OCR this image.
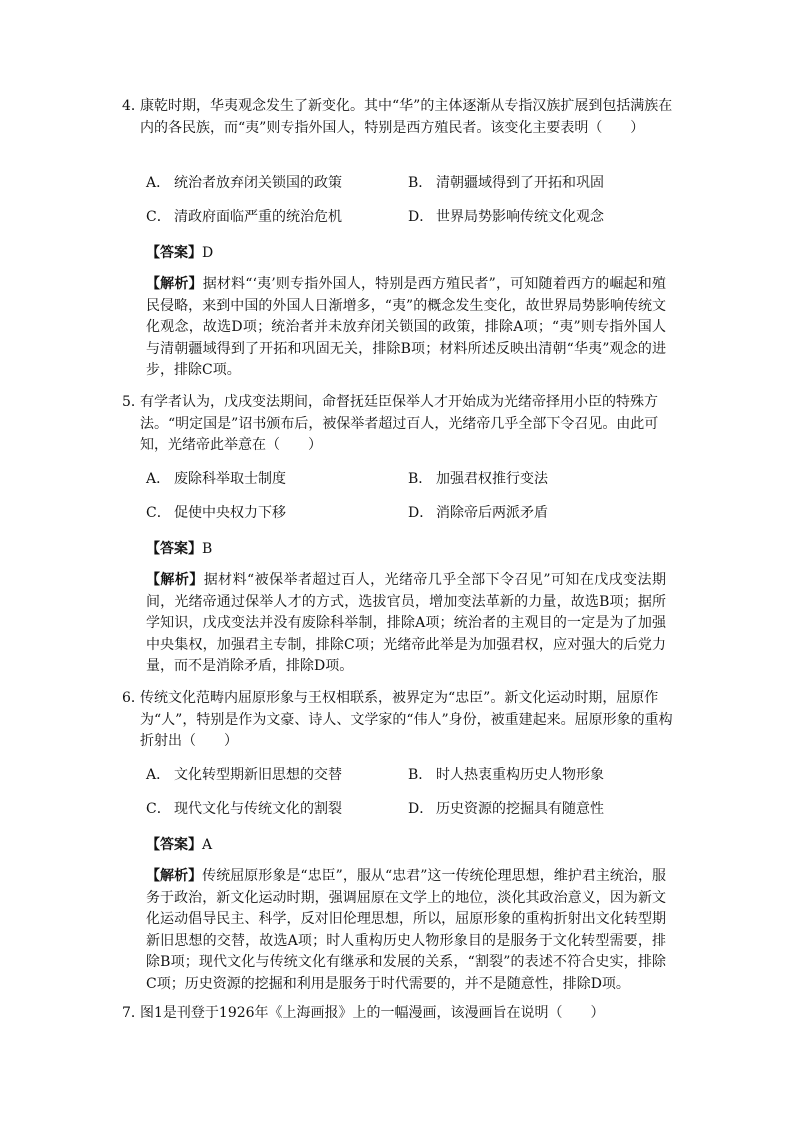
4．康乾时期，华夷观念发生了新变化。其中“华”的主体逐渐从专指汉族扩展到包括满族在内的各民族，而“夷”则专指外国人，特别是西方殖民者。该变化主要表明（　　）
A． 统治者放弃闭关锁国的政策	B． 清朝疆域得到了开拓和巩固
C． 清政府面临严重的统治危机	D． 世界局势影响传统文化观念
【答案】D
【解析】据材料“‘夷’则专指外国人，特别是西方殖民者”，可知随着西方的崛起和殖民侵略，来到中国的外国人日渐增多，“夷”的概念发生变化，故世界局势影响传统文化观念，故选D项；统治者并未放弃闭关锁国的政策，排除A项；“夷”则专指外国人与清朝疆域得到了开拓和巩固无关，排除B项；材料所述反映出清朝“华夷”观念的进步，排除C项。
5．有学者认为，戊戌变法期间，命督抚廷臣保举人才开始成为光绪帝择用小臣的特殊方法。“明定国是”诏书颁布后，被保举者超过百人，光绪帝几乎全部下令召见。由此可知，光绪帝此举意在（　　）
A． 废除科举取士制度	B． 加强君权推行变法
C． 促使中央权力下移	D． 消除帝后两派矛盾
【答案】B
【解析】据材料“被保举者超过百人，光绪帝几乎全部下令召见”可知在戊戌变法期间，光绪帝通过保举人才的方式，选拔官员，增加变法革新的力量，故选B项；据所学知识，戊戌变法并没有废除科举制，排除A项；统治者的主观目的一定是为了加强中央集权，加强君主专制，排除C项；光绪帝此举是为加强君权，应对强大的后党力量，而不是消除矛盾，排除D项。
6．传统文化范畴内屈原形象与王权相联系，被界定为“忠臣”。新文化运动时期，屈原作为“人”，特别是作为文豪、诗人、文学家的“伟人”身份，被重建起来。屈原形象的重构折射出（　　）
A． 文化转型期新旧思想的交替	B． 时人热衷重构历史人物形象
C． 现代文化与传统文化的割裂	D． 历史资源的挖掘具有随意性
【答案】A
【解析】传统屈原形象是“忠臣”，服从“忠君”这一传统伦理思想，维护君主统治，服务于政治，新文化运动时期，强调屈原在文学上的地位，淡化其政治意义，因为新文化运动倡导民主、科学，反对旧伦理思想，所以，屈原形象的重构折射出文化转型期新旧思想的交替，故选A项；时人重构历史人物形象目的是服务于文化转型需要，排除B项；现代文化与传统文化有继承和发展的关系，“割裂”的表述不符合史实，排除C项；历史资源的挖掘和利用是服务于时代需要的，并不是随意性，排除D项。
7．图1是刊登于1926年《上海画报》上的一幅漫画，该漫画旨在说明（　　）
